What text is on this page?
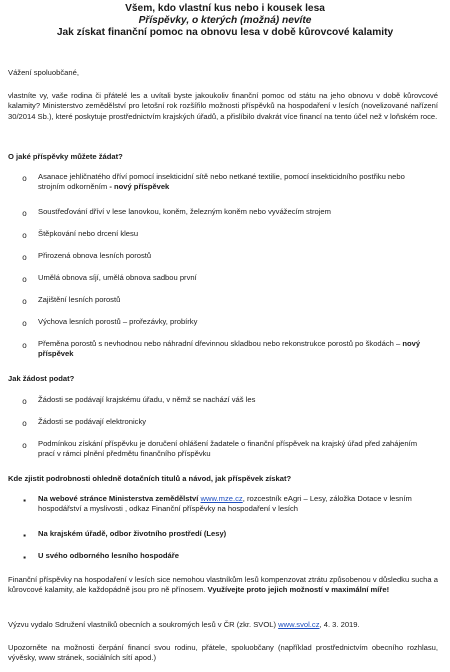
Všem, kdo vlastní kus nebo i kousek lesa
Příspěvky, o kterých (možná) nevíte
Jak získat finanční pomoc na obnovu lesa v době kůrovcové kalamity
Vážení spoluobčané,
vlastníte vy, vaše rodina či přátelé les a uvítali byste jakoukoliv finanční pomoc od státu na jeho obnovu v době kůrovcové kalamity? Ministerstvo zemědělství pro letošní rok rozšířilo možnosti příspěvků na hospodaření v lesích (novelizované nařízení 30/2014 Sb.), které poskytuje prostřednictvím krajských úřadů, a přislíbilo dvakrát více financí na tento účel než v loňském roce.
O jaké příspěvky můžete žádat?
o
Asanace jehličnatého dříví pomocí insekticidní sítě nebo netkané textilie, pomocí insekticidního postřiku nebo strojním odkorněním - nový příspěvek
o
Soustřeďování dříví v lese lanovkou, koněm, železným koněm nebo vyvážecím strojem
o
Štěpkování nebo drcení klesu
o
Přirozená obnova lesních porostů
o
Umělá obnova síjí, umělá obnova sadbou první
o
Zajištění lesních porostů
o
Výchova lesních porostů – prořezávky, probírky
o
Přeměna porostů s nevhodnou nebo náhradní dřevinnou skladbou nebo rekonstrukce porostů po škodách – nový příspěvek
Jak žádost podat?
o
Žádosti se podávají krajskému úřadu, v němž se nachází váš les
o
Žádosti se podávají elektronicky
o
Podmínkou získání příspěvku je doručení ohlášení žadatele o finanční příspěvek na krajský úřad před zahájením prací v rámci plnění předmětu finančního příspěvku
Kde zjistit podrobnosti ohledně dotačních titulů a návod, jak příspěvek získat?
▪	Na webové stránce Ministerstva zemědělství www.mze.cz, rozcestník eAgri – Lesy, záložka Dotace v lesním hospodářství a myslivosti , odkaz Finanční příspěvky na hospodaření v lesích
▪	Na krajském úřadě, odbor životního prostředí (Lesy)
▪	U svého odborného lesního hospodáře
Finanční příspěvky na hospodaření v lesích sice nemohou vlastníkům lesů kompenzovat ztrátu způsobenou v důsledku sucha a kůrovcové kalamity, ale každopádně jsou pro ně přínosem. Využívejte proto jejich možností v maximální míře!
Výzvu vydalo Sdružení vlastníků obecních a soukromých lesů v ČR (zkr. SVOL) www.svol.cz, 4. 3. 2019.
Upozorněte na možnosti čerpání financí svou rodinu, přátele, spoluobčany (například prostřednictvím obecního rozhlasu, vývěsky, www stránek, sociálních sítí apod.)
